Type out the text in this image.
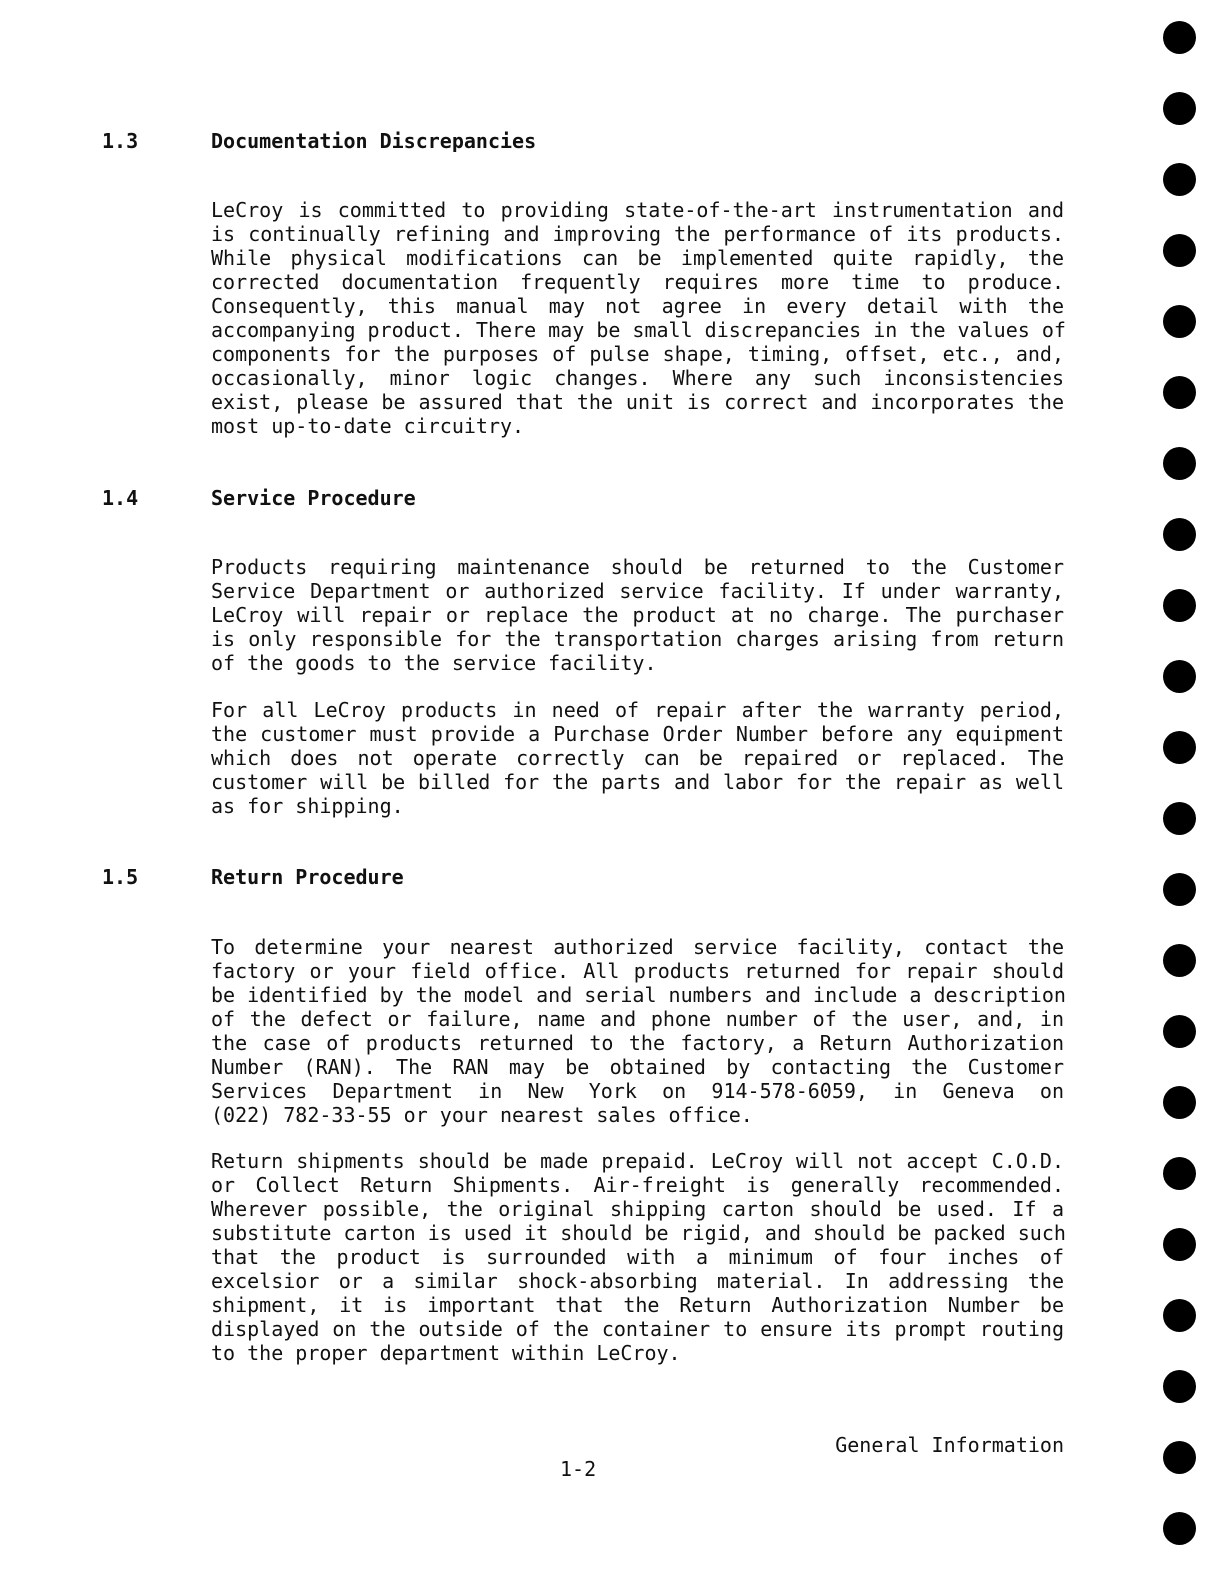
1.3	Documentation Discrepancies
LeCroy is committed to providing state-of-the-art instrumentation and
is continually refining and improving the performance of its products.
While physical modifications can be implemented quite rapidly, the
corrected documentation frequently requires more time to produce.
Consequently, this manual may not agree in every detail with the
accompanying product. There may be small discrepancies in the values of
components for the purposes of pulse shape, timing, offset, etc., and,
occasionally, minor logic changes. Where any such inconsistencies
exist, please be assured that the unit is correct and incorporates the
most up-to-date circuitry.
1.4	Service Procedure
Products requiring maintenance should be returned to the Customer
Service Department or authorized service facility. If under warranty,
LeCroy will repair or replace the product at no charge. The purchaser
is only responsible for the transportation charges arising from return
of the goods to the service facility.
For all LeCroy products in need of repair after the warranty period,
the customer must provide a Purchase Order Number before any equipment
which does not operate correctly can be repaired or replaced. The
customer will be billed for the parts and labor for the repair as well
as for shipping.
1.5	Return Procedure
To determine your nearest authorized service facility, contact the
factory or your field office. All products returned for repair should
be identified by the model and serial numbers and include a description
of the defect or failure, name and phone number of the user, and, in
the case of products returned to the factory, a Return Authorization
Number (RAN). The RAN may be obtained by contacting the Customer
Services Department in New York on 914-578-6059, in Geneva on
(022) 782-33-55 or your nearest sales office.
Return shipments should be made prepaid. LeCroy will not accept C.O.D.
or Collect Return Shipments. Air-freight is generally recommended.
Wherever possible, the original shipping carton should be used. If a
substitute carton is used it should be rigid, and should be packed such
that the product is surrounded with a minimum of four inches of
excelsior or a similar shock-absorbing material. In addressing the
shipment, it is important that the Return Authorization Number be
displayed on the outside of the container to ensure its prompt routing
to the proper department within LeCroy.
General Information
1-2
